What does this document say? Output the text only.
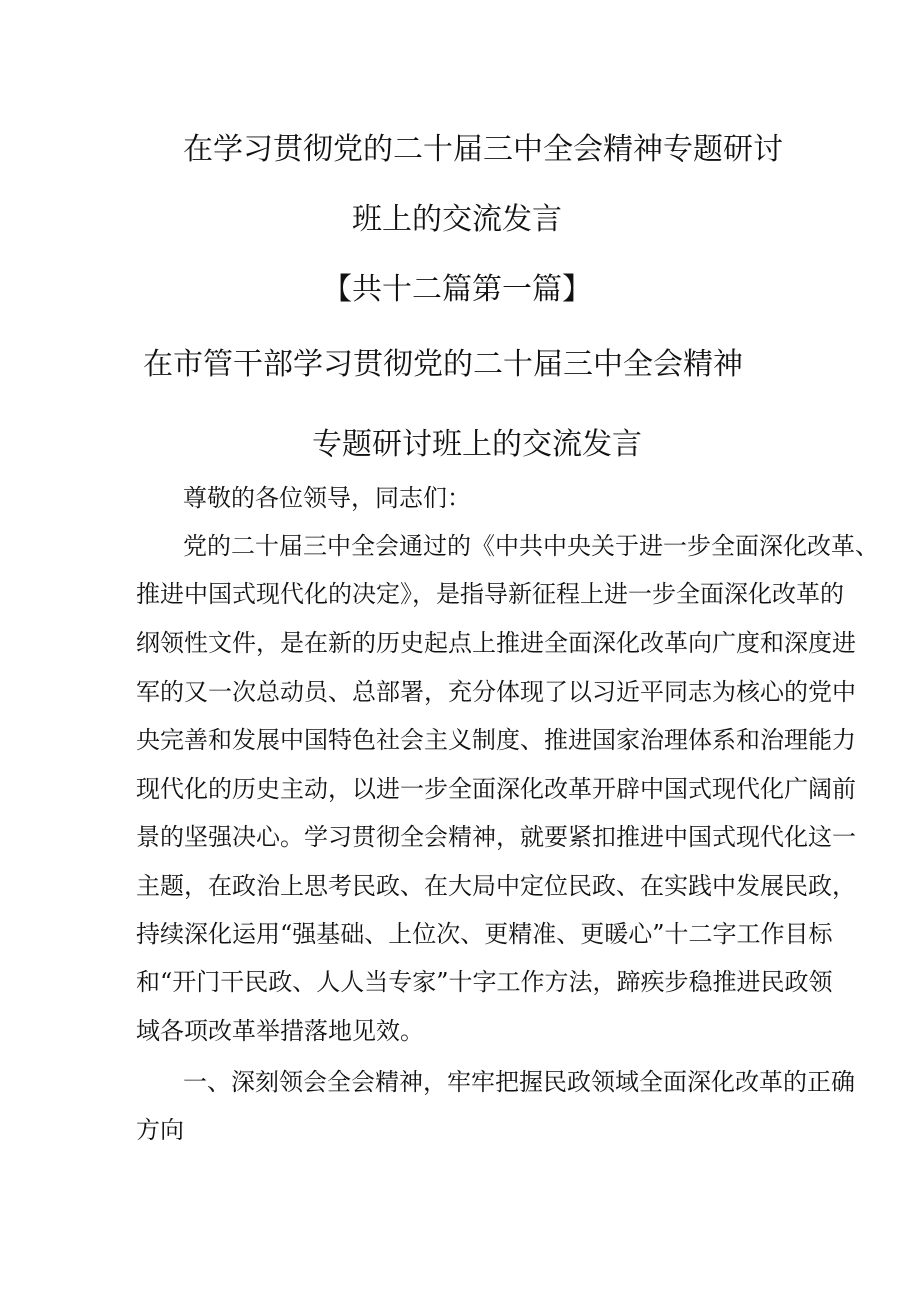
在学习贯彻党的二十届三中全会精神专题研讨
班上的交流发言
【共十二篇第一篇】
在市管干部学习贯彻党的二十届三中全会精神
专题研讨班上的交流发言
尊敬的各位领导，同志们：
党的二十届三中全会通过的《中共中央关于进一步全面深化改革、
推进中国式现代化的决定》，是指导新征程上进一步全面深化改革的
纲领性文件，是在新的历史起点上推进全面深化改革向广度和深度进
军的又一次总动员、总部署，充分体现了以习近平同志为核心的党中
央完善和发展中国特色社会主义制度、推进国家治理体系和治理能力
现代化的历史主动，以进一步全面深化改革开辟中国式现代化广阔前
景的坚强决心。学习贯彻全会精神，就要紧扣推进中国式现代化这一
主题，在政治上思考民政、在大局中定位民政、在实践中发展民政，
持续深化运用“强基础、上位次、更精准、更暖心”十二字工作目标
和“开门干民政、人人当专家”十字工作方法，蹄疾步稳推进民政领
域各项改革举措落地见效。
一、深刻领会全会精神，牢牢把握民政领域全面深化改革的正确
方向
